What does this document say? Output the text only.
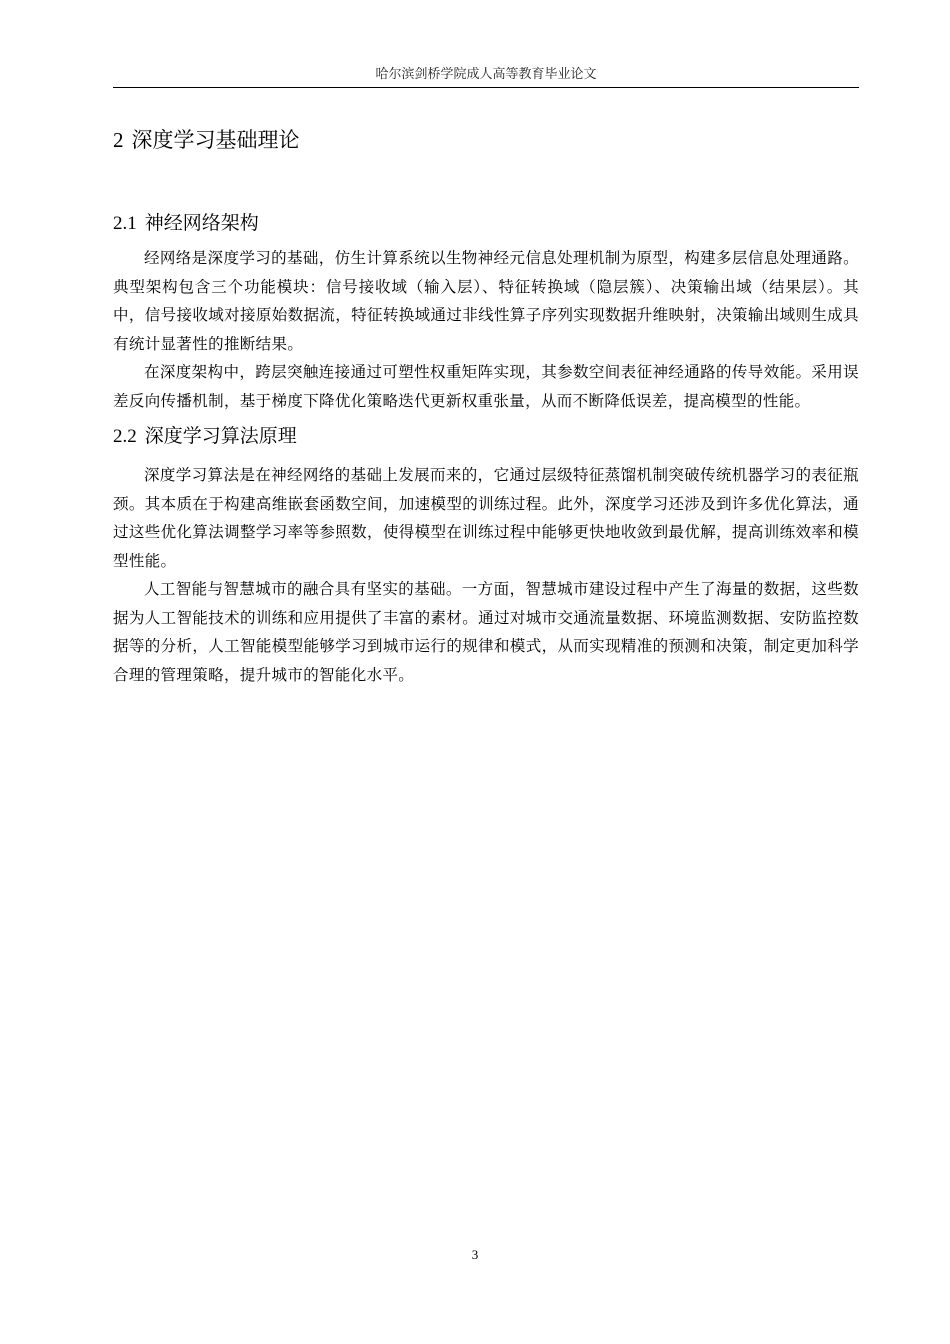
哈尔滨剑桥学院成人高等教育毕业论文
2 深度学习基础理论
2.1 神经网络架构

经网络是深度学习的基础，仿生计算系统以生物神经元信息处理机制为原型，构建多层信息处理通路。典型架构包含三个功能模块：信号接收域（输入层）、特征转换域（隐层簇）、决策输出域（结果层）。其中，信号接收域对接原始数据流，特征转换域通过非线性算子序列实现数据升维映射，决策输出域则生成具有统计显著性的推断结果。

在深度架构中，跨层突触连接通过可塑性权重矩阵实现，其参数空间表征神经通路的传导效能。采用误差反向传播机制，基于梯度下降优化策略迭代更新权重张量，从而不断降低误差，提高模型的性能。

2.2 深度学习算法原理

深度学习算法是在神经网络的基础上发展而来的，它通过层级特征蒸馏机制突破传统机器学习的表征瓶颈。其本质在于构建高维嵌套函数空间，加速模型的训练过程。此外，深度学习还涉及到许多优化算法，通过这些优化算法调整学习率等参照数，使得模型在训练过程中能够更快地收敛到最优解，提高训练效率和模型性能。

人工智能与智慧城市的融合具有坚实的基础。一方面，智慧城市建设过程中产生了海量的数据，这些数据为人工智能技术的训练和应用提供了丰富的素材。通过对城市交通流量数据、环境监测数据、安防监控数据等的分析，人工智能模型能够学习到城市运行的规律和模式，从而实现精准的预测和决策，制定更加科学合理的管理策略，提升城市的智能化水平。

3
